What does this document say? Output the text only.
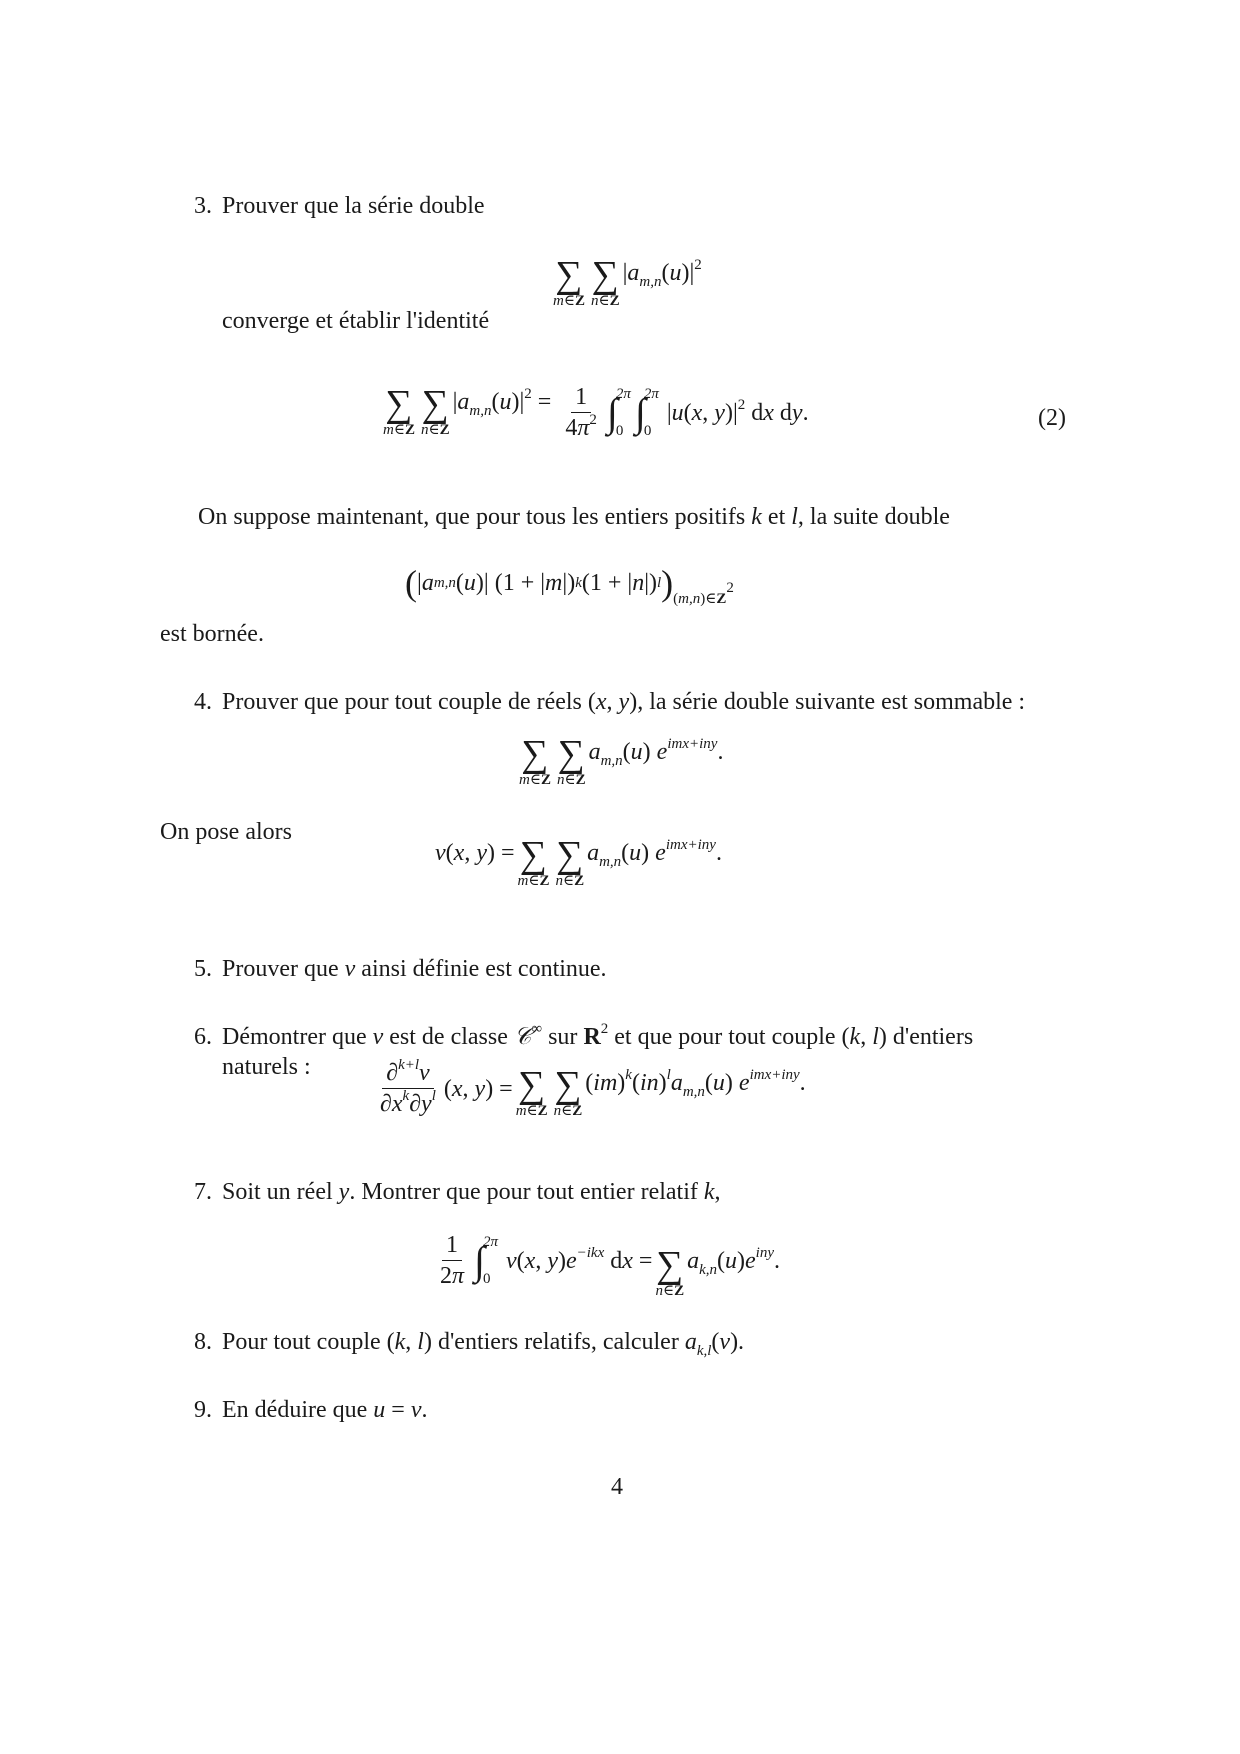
3. Prouver que la série double
∑
m∈Z
∑
n∈Z
$|a_{m,n}(u)|^2$
converge et établir l'identité
∑
m∈Z
∑
n∈Z
$|a_{m,n}(u)|^2 = \frac{1}{4\pi^2}$ ∫
2π
0 ∫
2π
0
|u(x, $y)|^2$ dx dy.	(2)
On suppose maintenant, que pour tous les entiers positifs k et l, la suite double
( | a m,n ( u )| (1 + | m |) k (1 + | n |) l ) $(m,n)\in Z^2$
est bornée.
4. Prouver que pour tout couple de réels (x, y), la série double suivante est sommable :
∑
m∈Z
∑
n∈Z
$a_{m,n}(u)$ $e^{imx+iny}$.
On pose alors
v(x, y) = ∑
m∈Z
∑
n∈Z
$a_{m,n}(u)$ $e^{imx+iny}$.
5. Prouver que v ainsi définie est continue.
6. Démontrer que v est de classe 𝒞∞ sur $R^2$ et que pour tout couple (k, l) d'entiers
naturels :	$\frac{\partial^{k+l}v}{\partial x^k\partial y^l} (x$, y) = ∑
m∈Z
∑
n∈Z
$(im)^k(in)^la_{m,n}(u)$ $e^{imx+iny}$.
7. Soit un réel y. Montrer que pour tout entier relatif k,
$\frac{1}{2\pi}$ ∫
2π
0
v(x, $y)e^{-ikx}$ dx = ∑
n∈Z
$a_{k,n}(u)e^{iny}$.
8. Pour tout couple (k, l) d'entiers relatifs, calculer $a_{k,l}(v)$.
9. En déduire que u = v.
4
